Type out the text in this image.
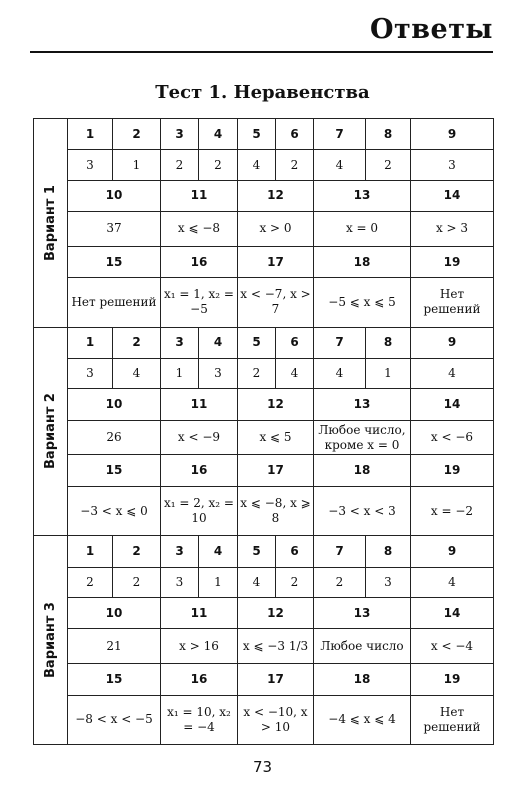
Ответы
Тест 1. Неравенства
Вариант 1	1	2	3	4	5	6	7	8	9
	3	1	2	2	4	2	4	2	3
	10		11		12		13		14
	37		x ⩽ −8		x > 0		x = 0		x > 3
	15		16		17		18		19
	Нет решений		x₁ = 1, x₂ = −5		x < −7, x > 7		−5 ⩽ x ⩽ 5		Нет решений

Вариант 2	1	2	3	4	5	6	7	8	9
	3	4	1	3	2	4	4	1	4
	10		11		12		13		14
	26		x < −9		x ⩽ 5		Любое число, кроме x = 0		x < −6
	15		16		17		18		19
	−3 < x ⩽ 0		x₁ = 2, x₂ = 10		x ⩽ −8, x ⩾ 8		−3 < x < 3		x = −2

Вариант 3	1	2	3	4	5	6	7	8	9
	2	2	3	1	4	2	2	3	4
	10		11		12		13		14
	21		x > 16		x ⩽ −3 1/3		Любое число		x < −4
	15		16		17		18		19
	−8 < x < −5		x₁ = 10, x₂ = −4		x < −10, x > 10		−4 ⩽ x ⩽ 4		Нет решений
73
